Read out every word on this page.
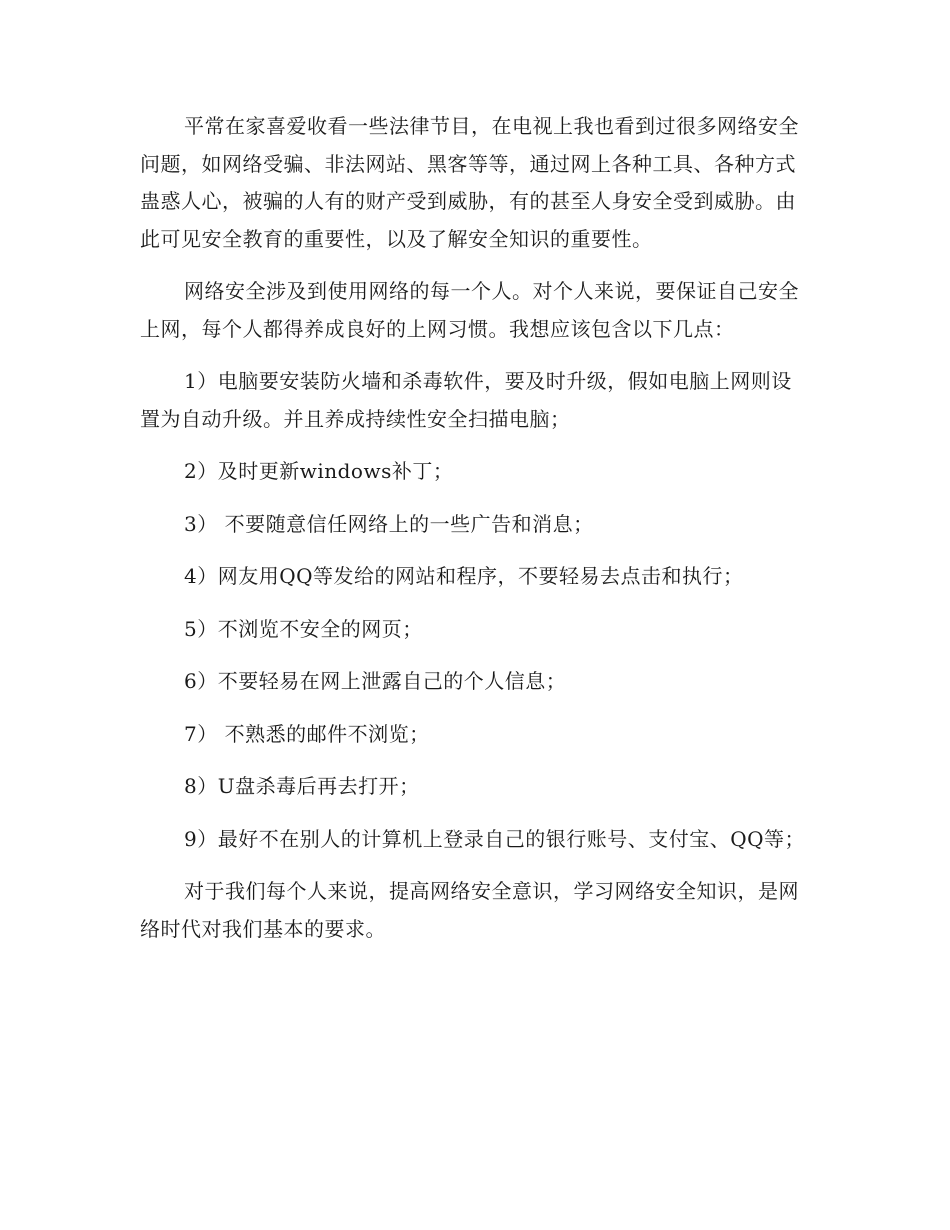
平常在家喜爱收看一些法律节目，在电视上我也看到过很多网络安全问题，如网络受骗、非法网站、黑客等等，通过网上各种工具、各种方式蛊惑人心，被骗的人有的财产受到威胁，有的甚至人身安全受到威胁。由此可见安全教育的重要性，以及了解安全知识的重要性。

网络安全涉及到使用网络的每一个人。对个人来说，要保证自己安全上网，每个人都得养成良好的上网习惯。我想应该包含以下几点：

1）电脑要安装防火墙和杀毒软件，要及时升级，假如电脑上网则设置为自动升级。并且养成持续性安全扫描电脑；

2）及时更新windows补丁；

3） 不要随意信任网络上的一些广告和消息；

4）网友用QQ等发给的网站和程序，不要轻易去点击和执行；

5）不浏览不安全的网页；

6）不要轻易在网上泄露自己的个人信息；

7） 不熟悉的邮件不浏览；

8）U盘杀毒后再去打开；

9）最好不在别人的计算机上登录自己的银行账号、支付宝、QQ等；

对于我们每个人来说，提高网络安全意识，学习网络安全知识，是网络时代对我们基本的要求。
